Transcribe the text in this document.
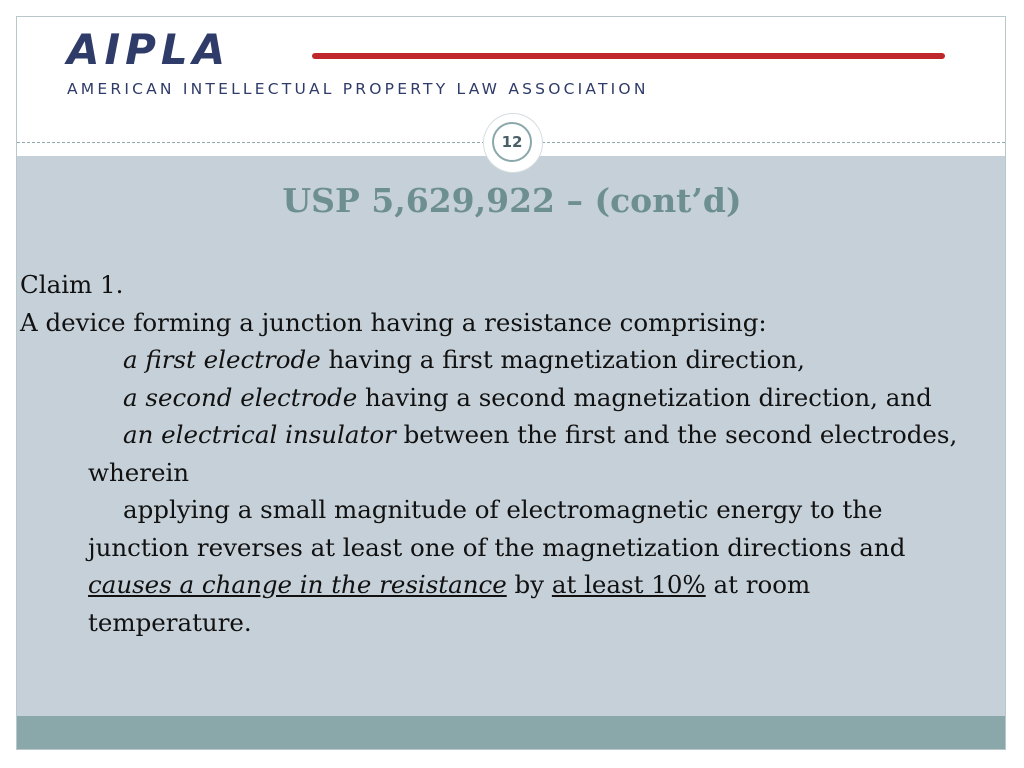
AIPLA
AMERICAN INTELLECTUAL PROPERTY LAW ASSOCIATION
12
USP 5,629,922 – (cont’d)

Claim 1.

A device forming a junction having a resistance comprising:

a first electrode having a first magnetization direction,

a second electrode having a second magnetization direction, and

an electrical insulator between the first and the second electrodes, wherein

applying a small magnitude of electromagnetic energy to the junction reverses at least one of the magnetization directions and causes a change in the resistance by at least 10% at room temperature.
